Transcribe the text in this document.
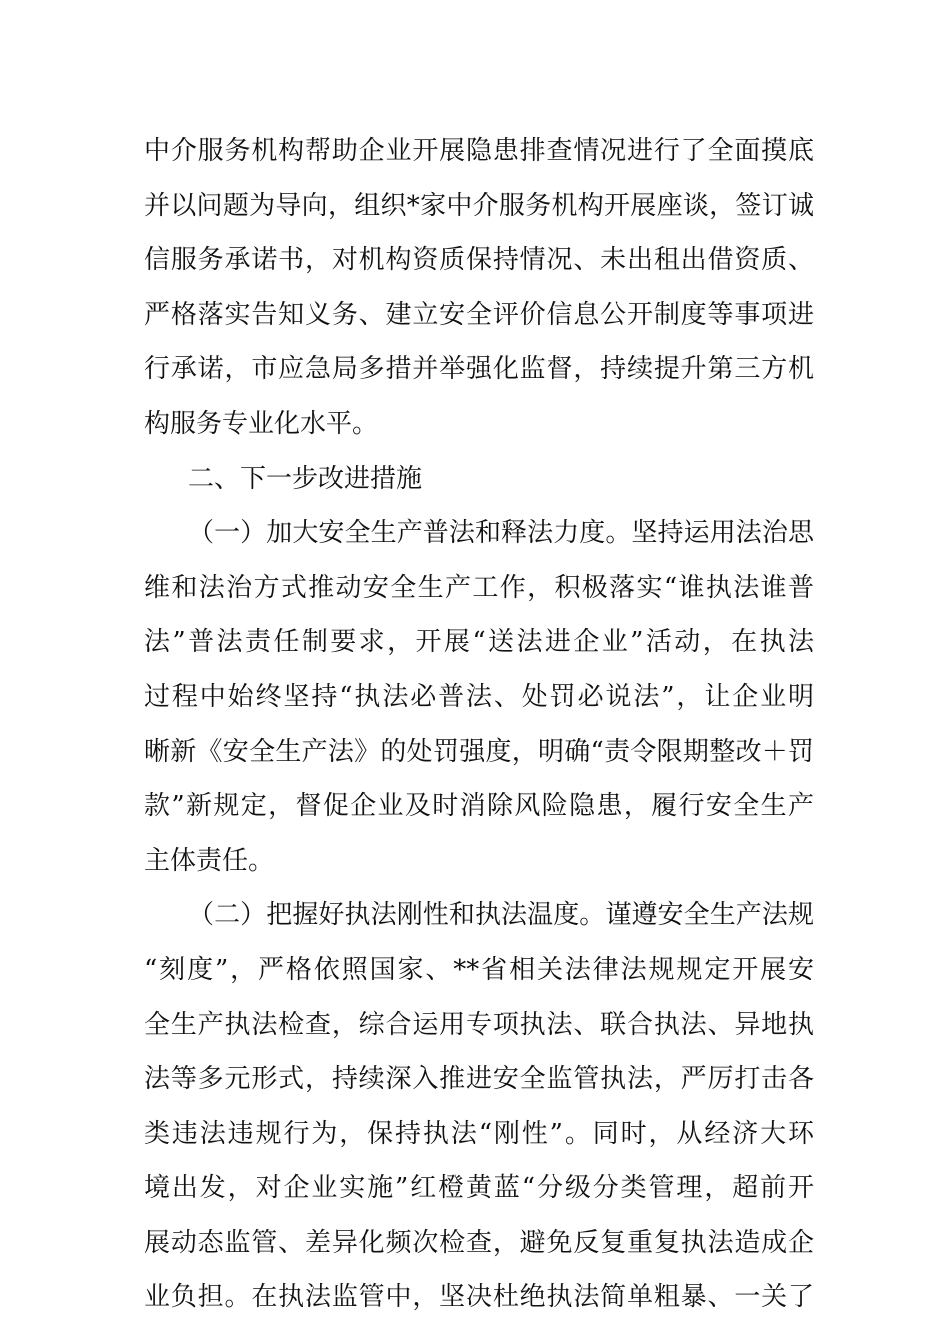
中介服务机构帮助企业开展隐患排查情况进行了全面摸底
并以问题为导向，组织*家中介服务机构开展座谈，签订诚
信服务承诺书，对机构资质保持情况、未出租出借资质、
严格落实告知义务、建立安全评价信息公开制度等事项进
行承诺，市应急局多措并举强化监督，持续提升第三方机
构服务专业化水平。
二、下一步改进措施
（一）加大安全生产普法和释法力度。坚持运用法治思
维和法治方式推动安全生产工作，积极落实“谁执法谁普
法”普法责任制要求，开展“送法进企业”活动，在执法
过程中始终坚持“执法必普法、处罚必说法”，让企业明
晰新《安全生产法》的处罚强度，明确“责令限期整改＋罚
款”新规定，督促企业及时消除风险隐患，履行安全生产
主体责任。
（二）把握好执法刚性和执法温度。谨遵安全生产法规
“刻度”，严格依照国家、**省相关法律法规规定开展安
全生产执法检查，综合运用专项执法、联合执法、异地执
法等多元形式，持续深入推进安全监管执法，严厉打击各
类违法违规行为，保持执法“刚性”。同时，从经济大环
境出发，对企业实施”红橙黄蓝“分级分类管理，超前开
展动态监管、差异化频次检查，避免反复重复执法造成企
业负担。在执法监管中，坚决杜绝执法简单粗暴、一关了
